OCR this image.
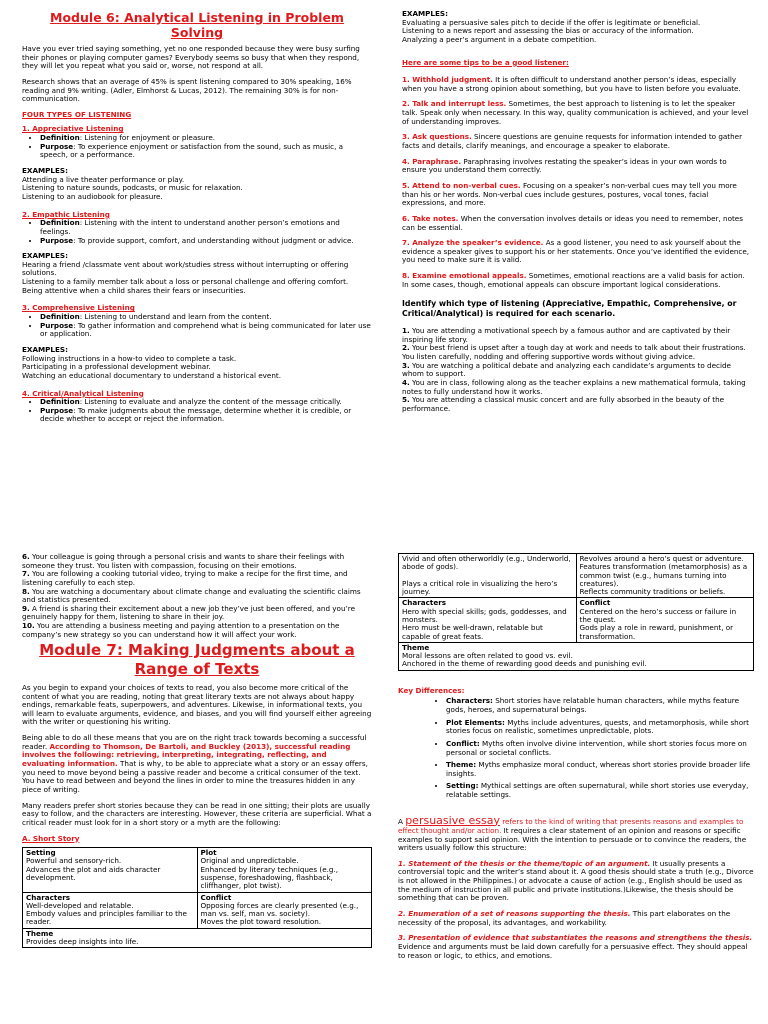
Module 6: Analytical Listening in Problem Solving

Have you ever tried saying something, yet no one responded because they were busy surfing their phones or playing computer games? Everybody seems so busy that when they respond, they will let you repeat what you said or, worse, not respond at all.

Research shows that an average of 45% is spent listening compared to 30% speaking, 16% reading and 9% writing. (Adler, Elmhorst & Lucas, 2012). The remaining 30% is for non-communication.

FOUR TYPES OF LISTENING
1. Appreciative Listening
• Definition: Listening for enjoyment or pleasure.
• Purpose: To experience enjoyment or satisfaction from the sound, such as music, a speech, or a performance.
EXAMPLES:
Attending a live theater performance or play.
Listening to nature sounds, podcasts, or music for relaxation.
Listening to an audiobook for pleasure.
2. Empathic Listening
• Definition: Listening with the intent to understand another person’s emotions and feelings.
• Purpose: To provide support, comfort, and understanding without judgment or advice.
EXAMPLES:
Hearing a friend /classmate vent about work/studies stress without interrupting or offering solutions.
Listening to a family member talk about a loss or personal challenge and offering comfort.
Being attentive when a child shares their fears or insecurities.
3. Comprehensive Listening
• Definition: Listening to understand and learn from the content.
• Purpose: To gather information and comprehend what is being communicated for later use or application.
EXAMPLES:
Following instructions in a how-to video to complete a task.
Participating in a professional development webinar.
Watching an educational documentary to understand a historical event.
4. Critical/Analytical Listening
• Definition: Listening to evaluate and analyze the content of the message critically.
• Purpose: To make judgments about the message, determine whether it is credible, or decide whether to accept or reject the information.
EXAMPLES:
Evaluating a persuasive sales pitch to decide if the offer is legitimate or beneficial.
Listening to a news report and assessing the bias or accuracy of the information.
Analyzing a peer’s argument in a debate competition.
Here are some tips to be a good listener:
1. Withhold judgment. It is often difficult to understand another person’s ideas, especially when you have a strong opinion about something, but you have to listen before you evaluate.
2. Talk and interrupt less. Sometimes, the best approach to listening is to let the speaker talk. Speak only when necessary. In this way, quality communication is achieved, and your level of understanding improves.
3. Ask questions. Sincere questions are genuine requests for information intended to gather facts and details, clarify meanings, and encourage a speaker to elaborate.
4. Paraphrase. Paraphrasing involves restating the speaker’s ideas in your own words to ensure you understand them correctly.
5. Attend to non-verbal cues. Focusing on a speaker’s non-verbal cues may tell you more than his or her words. Non-verbal cues include gestures, postures, vocal tones, facial expressions, and more.
6. Take notes. When the conversation involves details or ideas you need to remember, notes can be essential.
7. Analyze the speaker’s evidence. As a good listener, you need to ask yourself about the evidence a speaker gives to support his or her statements. Once you’ve identified the evidence, you need to make sure it is valid.
8. Examine emotional appeals. Sometimes, emotional reactions are a valid basis for action. In some cases, though, emotional appeals can obscure important logical considerations.
Identify which type of listening (Appreciative, Empathic, Comprehensive, or Critical/Analytical) is required for each scenario.
1. You are attending a motivational speech by a famous author and are captivated by their inspiring life story.
2. Your best friend is upset after a tough day at work and needs to talk about their frustrations. You listen carefully, nodding and offering supportive words without giving advice.
3. You are watching a political debate and analyzing each candidate’s arguments to decide whom to support.
4. You are in class, following along as the teacher explains a new mathematical formula, taking notes to fully understand how it works.
5. You are attending a classical music concert and are fully absorbed in the beauty of the performance.
6. Your colleague is going through a personal crisis and wants to share their feelings with someone they trust. You listen with compassion, focusing on their emotions.
7. You are following a cooking tutorial video, trying to make a recipe for the first time, and listening carefully to each step.
8. You are watching a documentary about climate change and evaluating the scientific claims and statistics presented.
9. A friend is sharing their excitement about a new job they’ve just been offered, and you’re genuinely happy for them, listening to share in their joy.
10. You are attending a business meeting and paying attention to a presentation on the company’s new strategy so you can understand how it will affect your work.
Module 7: Making Judgments about a Range of Texts

As you begin to expand your choices of texts to read, you also become more critical of the content of what you are reading, noting that great literary texts are not always about happy endings, remarkable feats, superpowers, and adventures. Likewise, in informational texts, you will learn to evaluate arguments, evidence, and biases, and you will find yourself either agreeing with the writer or questioning his writing.

Being able to do all these means that you are on the right track towards becoming a successful reader. According to Thomson, De Bartoli, and Buckley (2013), successful reading involves the following: retrieving, interpreting, integrating, reflecting, and evaluating information. That is why, to be able to appreciate what a story or an essay offers, you need to move beyond being a passive reader and become a critical consumer of the text. You have to read between and beyond the lines in order to mine the treasures hidden in any piece of writing.

Many readers prefer short stories because they can be read in one sitting; their plots are usually easy to follow, and the characters are interesting. However, these criteria are superficial. What a critical reader must look for in a short story or a myth are the following:

A. Short Story
Setting
Powerful and sensory-rich.
Advances the plot and aids character development.	Plot
Original and unpredictable.
Enhanced by literary techniques (e.g., suspense, foreshadowing, flashback, cliffhanger, plot twist).
Characters
Well-developed and relatable.
Embody values and principles familiar to the reader.	Conflict
Opposing forces are clearly presented (e.g., man vs. self, man vs. society).
Moves the plot toward resolution.
Theme
Provides deep insights into life.	
Vivid and often otherworldly (e.g., Underworld, abode of gods).

Plays a critical role in visualizing the hero’s journey.	Revolves around a hero’s quest or adventure.
Features transformation (metamorphosis) as a common twist (e.g., humans turning into creatures).
Reflects community traditions or beliefs.
Characters
Hero with special skills; gods, goddesses, and monsters.
Hero must be well-drawn, relatable but capable of great feats.	Conflict
Centered on the hero’s success or failure in the quest.
Gods play a role in reward, punishment, or transformation.
Theme
Moral lessons are often related to good vs. evil.
Anchored in the theme of rewarding good deeds and punishing evil.	
Key Differences:
• Characters: Short stories have relatable human characters, while myths feature gods, heroes, and supernatural beings.
• Plot Elements: Myths include adventures, quests, and metamorphosis, while short stories focus on realistic, sometimes unpredictable, plots.
• Conflict: Myths often involve divine intervention, while short stories focus more on personal or societal conflicts.
• Theme: Myths emphasize moral conduct, whereas short stories provide broader life insights.
• Setting: Mythical settings are often supernatural, while short stories use everyday, relatable settings.

A persuasive essay refers to the kind of writing that presents reasons and examples to effect thought and/or action. It requires a clear statement of an opinion and reasons or specific examples to support said opinion. With the intention to persuade or to convince the readers, the writers usually follow this structure:

1. Statement of the thesis or the theme/topic of an argument. It usually presents a controversial topic and the writer’s stand about it. A good thesis should state a truth (e.g., Divorce is not allowed in the Philippines.) or advocate a cause of action (e.g., English should be used as the medium of instruction in all public and private institutions.)Likewise, the thesis should be something that can be proven.
2. Enumeration of a set of reasons supporting the thesis. This part elaborates on the necessity of the proposal, its advantages, and workability.
3. Presentation of evidence that substantiates the reasons and strengthens the thesis. Evidence and arguments must be laid down carefully for a persuasive effect. They should appeal to reason or logic, to ethics, and emotions.
